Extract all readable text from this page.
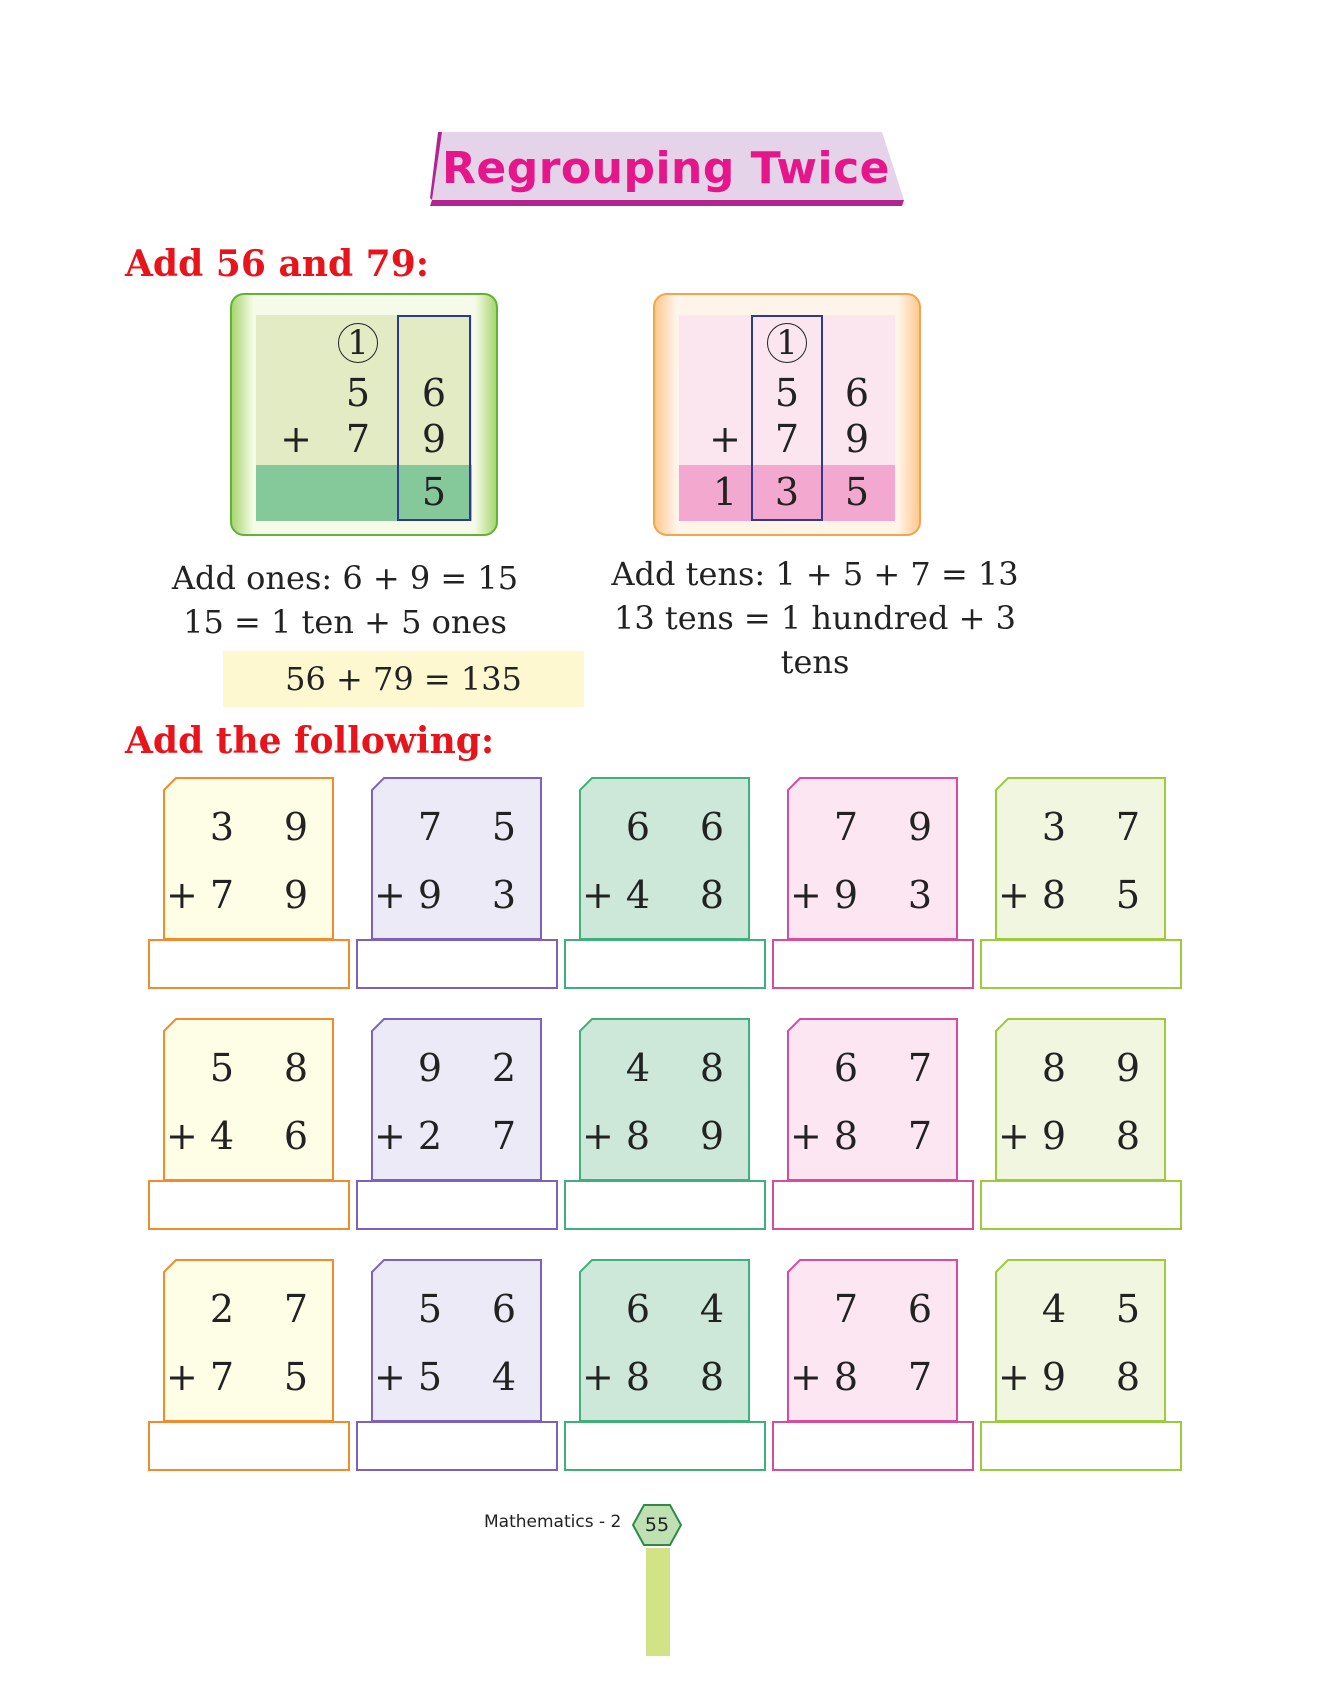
Regrouping Twice
Add 56 and 79:
1
5 6
+ 7 9
5
1
5 6
+ 7 9
1 3 5
Add ones: 6 + 9 = 15
15 = 1 ten + 5 ones
Add tens: 1 + 5 + 7 = 13
13 tens = 1 hundred + 3 tens
56 + 79 = 135
Add the following:
3 9
+ 7 9
7 5
+ 9 3
6 6
+ 4 8
7 9
+ 9 3
3 7
+ 8 5
5 8
+ 4 6
9 2
+ 2 7
4 8
+ 8 9
6 7
+ 8 7
8 9
+ 9 8
2 7
+ 7 5
5 6
+ 5 4
6 4
+ 8 8
7 6
+ 8 7
4 5
+ 9 8
Mathematics - 2	55
